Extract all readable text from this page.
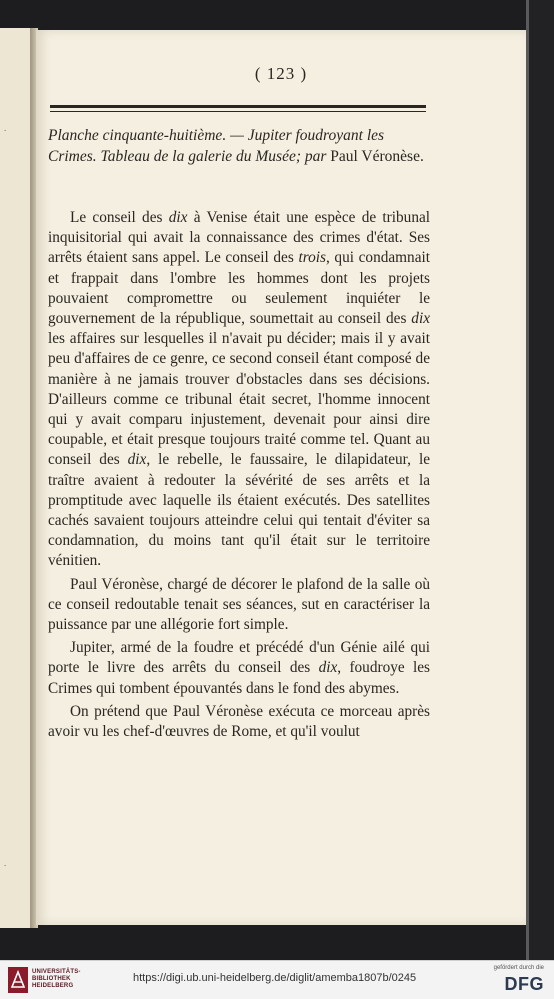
.
.
( 123 )
Planche cinquante-huitième. — Jupiter foudroyant les Crimes. Tableau de la galerie du Musée; par Paul Véronèse.

Le conseil des dix à Venise était une espèce de tribunal inquisitorial qui avait la connaissance des crimes d'état. Ses arrêts étaient sans appel. Le conseil des trois, qui condamnait et frappait dans l'ombre les hommes dont les projets pouvaient compromettre ou seulement inquiéter le gouvernement de la république, soumettait au conseil des dix les affaires sur lesquelles il n'avait pu décider; mais il y avait peu d'affaires de ce genre, ce second conseil étant composé de manière à ne jamais trouver d'obstacles dans ses décisions. D'ailleurs comme ce tribunal était secret, l'homme innocent qui y avait comparu injustement, devenait pour ainsi dire coupable, et était presque toujours traité comme tel. Quant au conseil des dix, le rebelle, le faussaire, le dilapidateur, le traître avaient à redouter la sévérité de ses arrêts et la promptitude avec laquelle ils étaient exécutés. Des satellites cachés savaient toujours atteindre celui qui tentait d'éviter sa condamnation, du moins tant qu'il était sur le territoire vénitien.

Paul Véronèse, chargé de décorer le plafond de la salle où ce conseil redoutable tenait ses séances, sut en caractériser la puissance par une allégorie fort simple.

Jupiter, armé de la foudre et précédé d'un Génie ailé qui porte le livre des arrêts du conseil des dix, foudroye les Crimes qui tombent épouvantés dans le fond des abymes.

On prétend que Paul Véronèse exécuta ce morceau après avoir vu les chef-d'œuvres de Rome, et qu'il voulut

UNIVERSITÄTS-
BIBLIOTHEK
HEIDELBERG
https://digi.ub.uni-heidelberg.de/diglit/amemba1807b/0245
gefördert durch die
DFG
